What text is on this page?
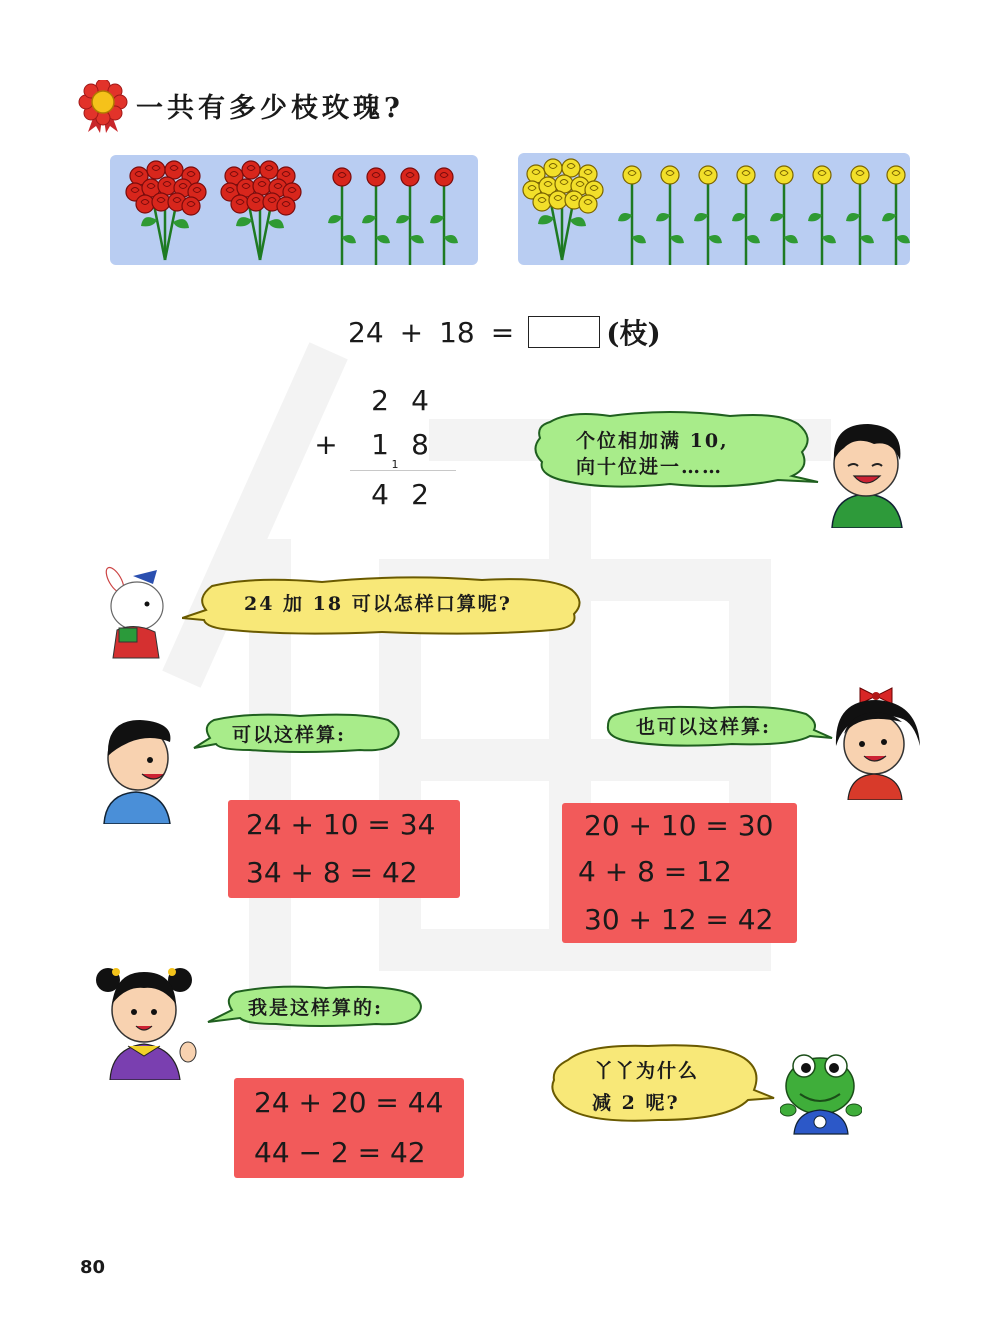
一共有多少枝玫瑰?
24 + 18 =	(枝)
2 4
+ 1 8
1
4 2
个位相加满 10,
向十位进一……
24 加 18 可以怎样口算呢?
可以这样算:	也可以这样算:
24 + 10 = 34
34 + 8 = 42
20 + 10 = 30
4 + 8 = 12
30 + 12 = 42
我是这样算的:
24 + 20 = 44
44 − 2 = 42
丫丫为什么
减 2 呢?
80
